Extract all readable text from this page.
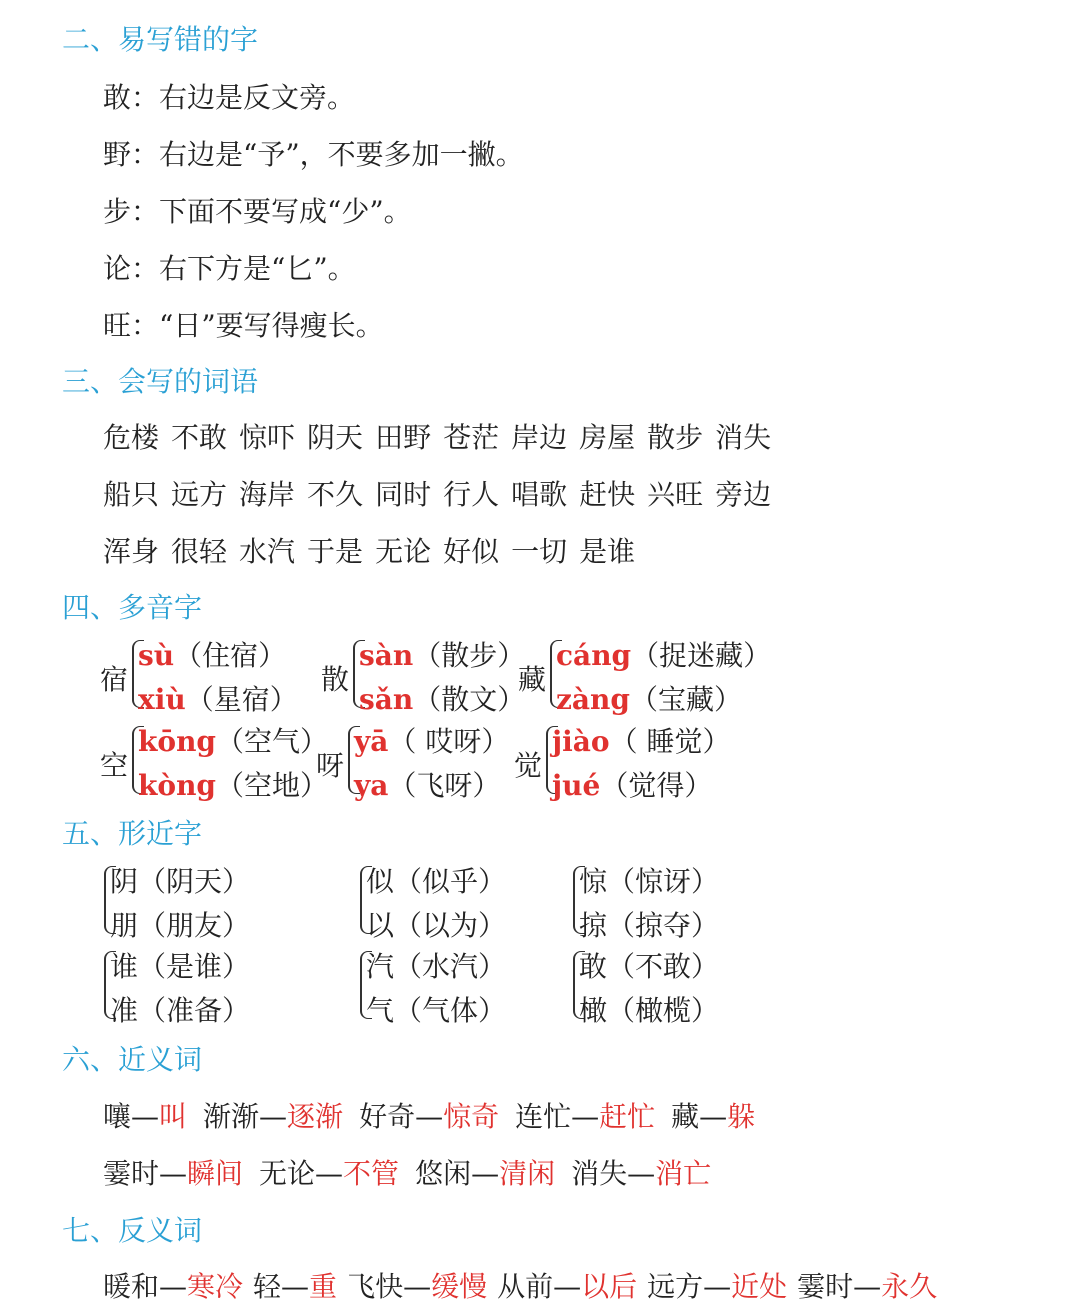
二、易写错的字
敢：右边是反文旁。
野：右边是“予”，不要多加一撇。
步：下面不要写成“少”。
论：右下方是“匕”。
旺：“日”要写得瘦长。
三、会写的词语
危楼 不敢 惊吓 阴天 田野 苍茫 岸边 房屋 散步 消失
船只 远方 海岸 不久 同时 行人 唱歌 赶快 兴旺 旁边
浑身 很轻 水汽 于是 无论 好似 一切 是谁
四、多音字
宿
sù（住宿）
xiù（星宿）
散
sàn（散步）
sǎn（散文）
藏
cáng（捉迷藏）
zàng（宝藏）
空
kōng（空气）
kòng（空地）
呀
yā（ 哎呀）
ya（飞呀）
觉
jiào（ 睡觉）
jué（觉得）
五、形近字
阴（阴天）
朋（朋友）
似（似乎）
以（以为）
惊（惊讶）
掠（掠夺）
谁（是谁）
准（准备）
汽（水汽）
气（气体）
敢（不敢）
橄（橄榄）
六、近义词
嚷—叫 渐渐—逐渐 好奇—惊奇 连忙—赶忙 藏—躲
霎时—瞬间 无论—不管 悠闲—清闲 消失—消亡
七、反义词
暖和—寒冷 轻—重 飞快—缓慢 从前—以后 远方—近处 霎时—永久
